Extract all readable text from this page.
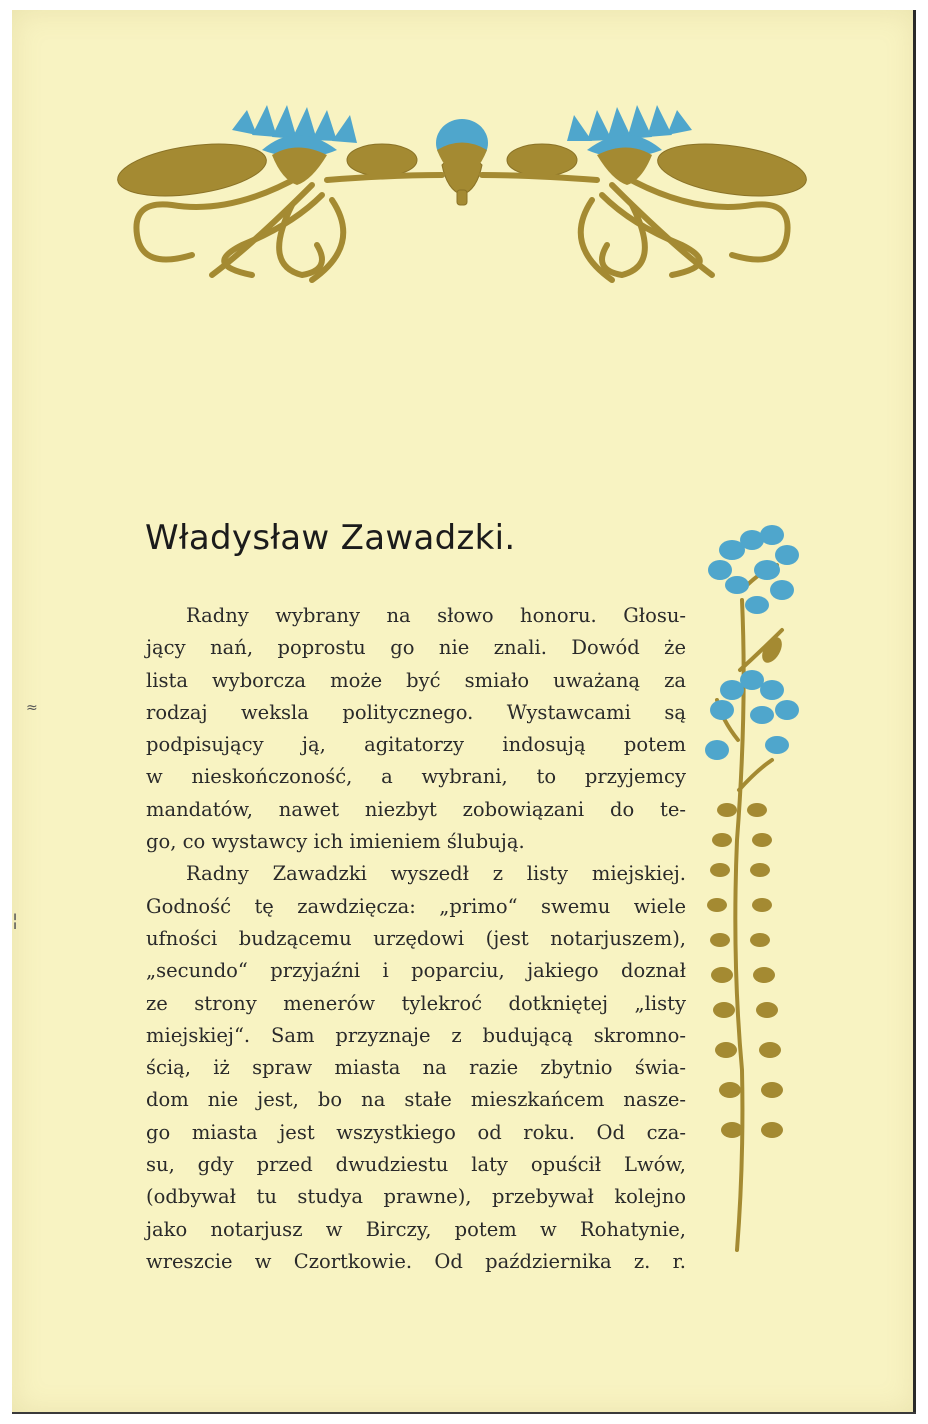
Władysław Zawadzki.
Radny wybrany na słowo honoru. Głosu-
jący nań, poprostu go nie znali. Dowód że
lista wyborcza może być smiało uważaną za
rodzaj weksla politycznego. Wystawcami są
podpisujący ją, agitatorzy indosują potem
w nieskończoność, a wybrani, to przyjemcy
mandatów, nawet niezbyt zobowiązani do te-
go, co wystawcy ich imieniem ślubują.
Radny Zawadzki wyszedł z listy miejskiej.
Godność tę zawdzięcza: „primo“ swemu wiele
ufności budzącemu urzędowi (jest notarjuszem),
„secundo“ przyjaźni i poparciu, jakiego doznał
ze strony menerów tylekroć dotkniętej „listy
miejskiej“. Sam przyznaje z budującą skromno-
ścią, iż spraw miasta na razie zbytnio świa-
dom nie jest, bo na stałe mieszkańcem nasze-
go miasta jest wszystkiego od roku. Od cza-
su, gdy przed dwudziestu laty opuścił Lwów,
(odbywał tu studya prawne), przebywał kolejno
jako notarjusz w Birczy, potem w Rohatynie,
wreszcie w Czortkowie. Od października z. r.
≈
¦
